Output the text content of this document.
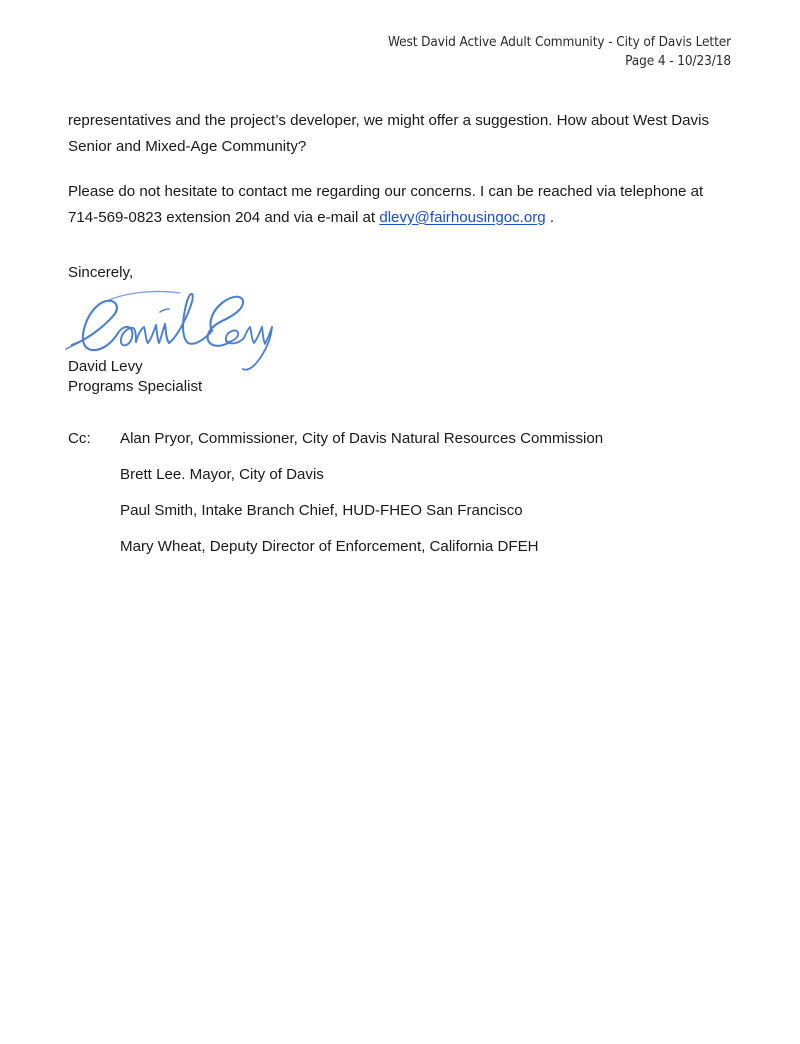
West David Active Adult Community - City of Davis Letter
Page 4 - 10/23/18

representatives and the project’s developer, we might offer a suggestion. How about West Davis Senior and Mixed-Age Community?

Please do not hesitate to contact me regarding our concerns. I can be reached via telephone at 714-569-0823 extension 204 and via e-mail at dlevy@fairhousingoc.org .

Sincerely,
David Levy
Programs Specialist
Cc:	Alan Pryor, Commissioner, City of Davis Natural Resources Commission
Brett Lee. Mayor, City of Davis
Paul Smith, Intake Branch Chief, HUD-FHEO San Francisco
Mary Wheat, Deputy Director of Enforcement, California DFEH
